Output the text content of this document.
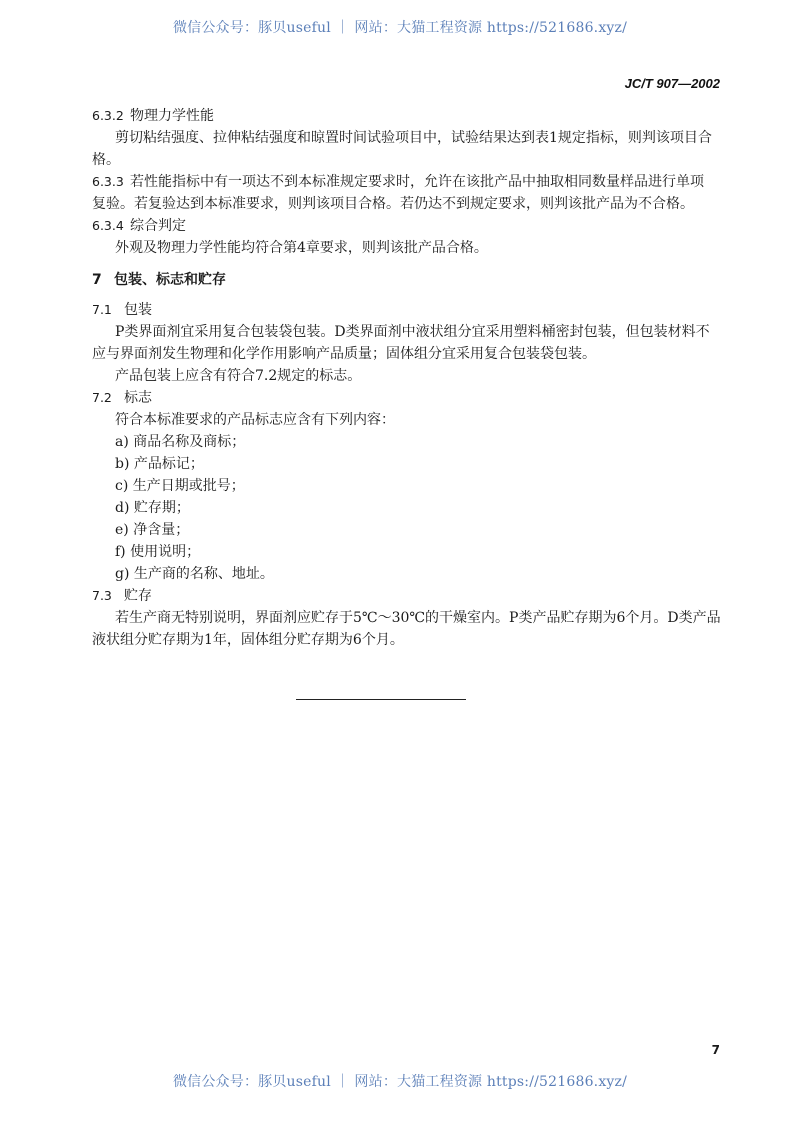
微信公众号：豚贝useful ｜ 网站：大猫工程资源 https://521686.xyz/
JC/T 907—2002
6.3.2 物理力学性能
剪切粘结强度、拉伸粘结强度和晾置时间试验项目中，试验结果达到表1规定指标，则判该项目合
格。
6.3.3 若性能指标中有一项达不到本标准规定要求时，允许在该批产品中抽取相同数量样品进行单项
复验。若复验达到本标准要求，则判该项目合格。若仍达不到规定要求，则判该批产品为不合格。
6.3.4 综合判定
外观及物理力学性能均符合第4章要求，则判该批产品合格。
7 包装、标志和贮存
7.1 包装
P类界面剂宜采用复合包装袋包装。D类界面剂中液状组分宜采用塑料桶密封包装，但包装材料不
应与界面剂发生物理和化学作用影响产品质量；固体组分宜采用复合包装袋包装。
产品包装上应含有符合7.2规定的标志。
7.2 标志
符合本标准要求的产品标志应含有下列内容：
a) 商品名称及商标；
b) 产品标记；
c) 生产日期或批号；
d) 贮存期；
e) 净含量；
f) 使用说明；
g) 生产商的名称、地址。
7.3 贮存
若生产商无特别说明，界面剂应贮存于5℃～30℃的干燥室内。P类产品贮存期为6个月。D类产品
液状组分贮存期为1年，固体组分贮存期为6个月。
7
微信公众号：豚贝useful ｜ 网站：大猫工程资源 https://521686.xyz/
